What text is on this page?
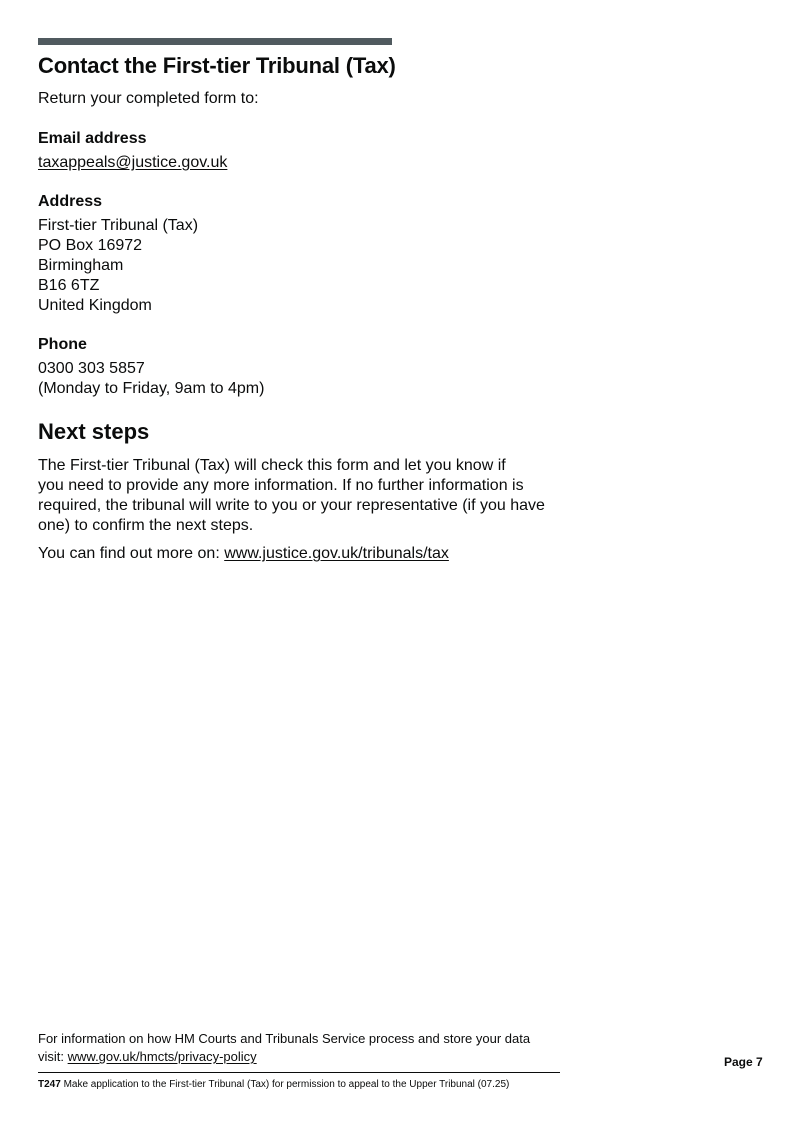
Contact the First-tier Tribunal (Tax)

Return your completed form to:

Email address

taxappeals@justice.gov.uk

Address

First-tier Tribunal (Tax)
PO Box 16972
Birmingham
B16 6TZ
United Kingdom

Phone

0300 303 5857
(Monday to Friday, 9am to 4pm)
Next steps
The First-tier Tribunal (Tax) will check this form and let you know if
you need to provide any more information. If no further information is
required, the tribunal will write to you or your representative (if you have
one) to confirm the next steps.

You can find out more on: www.justice.gov.uk/tribunals/tax

For information on how HM Courts and Tribunals Service process and store your data
visit: www.gov.uk/hmcts/privacy-policy	Page 7
T247 Make application to the First-tier Tribunal (Tax) for permission to appeal to the Upper Tribunal (07.25)
